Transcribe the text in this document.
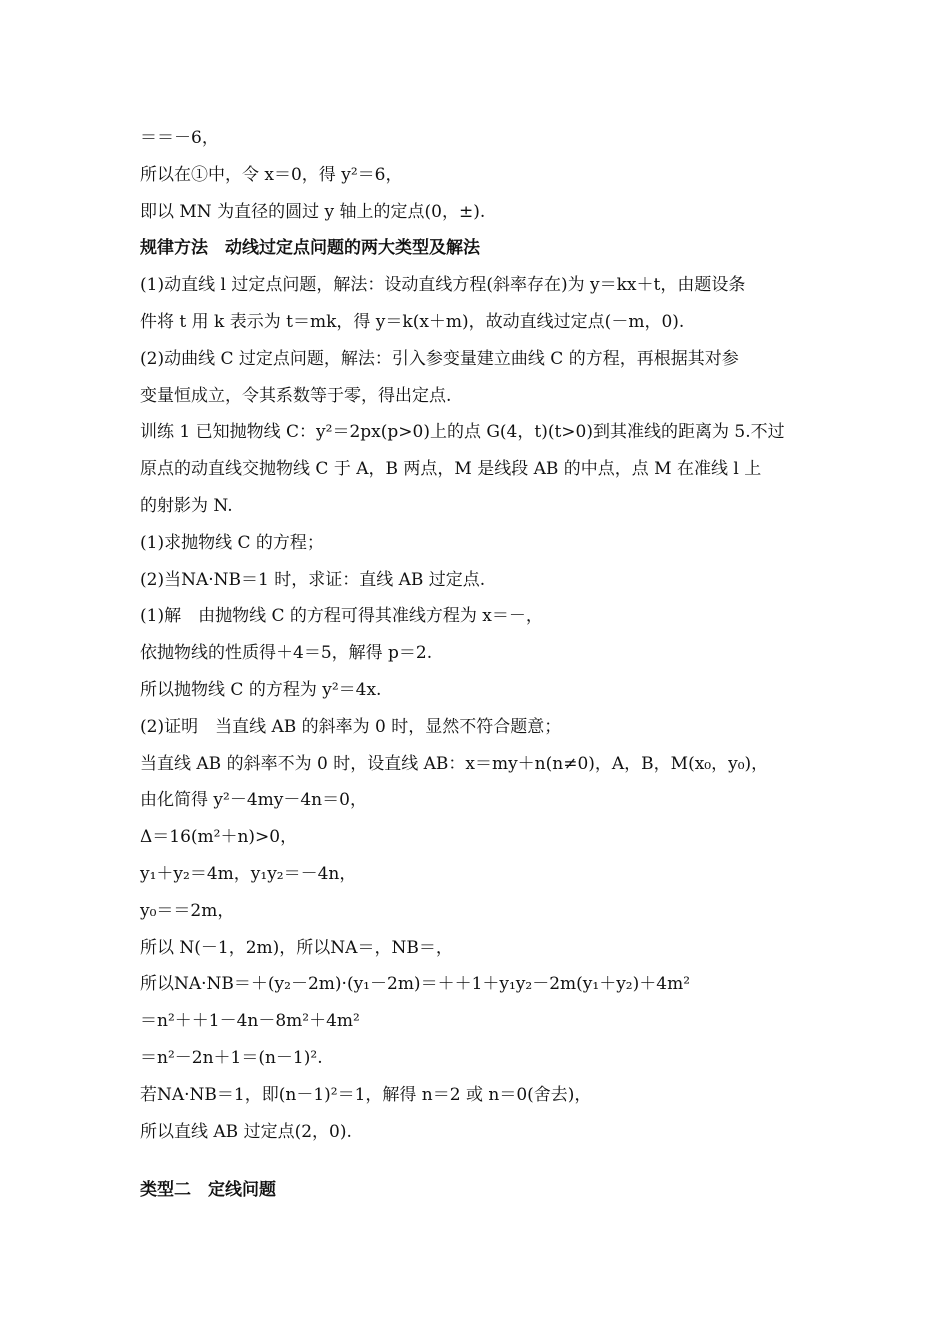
＝＝－6，
所以在①中，令 x＝0，得 y²＝6，
即以 MN 为直径的圆过 y 轴上的定点(0，±).
规律方法　动线过定点问题的两大类型及解法
(1)动直线 l 过定点问题，解法：设动直线方程(斜率存在)为 y＝kx＋t，由题设条
件将 t 用 k 表示为 t＝mk，得 y＝k(x＋m)，故动直线过定点(－m，0).
(2)动曲线 C 过定点问题，解法：引入参变量建立曲线 C 的方程，再根据其对参
变量恒成立，令其系数等于零，得出定点.
训练 1 已知抛物线 C：y²＝2px(p>0)上的点 G(4，t)(t>0)到其准线的距离为 5.不过
原点的动直线交抛物线 C 于 A，B 两点，M 是线段 AB 的中点，点 M 在准线 l 上
的射影为 N.
(1)求抛物线 C 的方程；
(2)当NA·NB＝1 时，求证：直线 AB 过定点.
(1)解　由抛物线 C 的方程可得其准线方程为 x＝－，
依抛物线的性质得＋4＝5，解得 p＝2.
所以抛物线 C 的方程为 y²＝4x.
(2)证明　当直线 AB 的斜率为 0 时，显然不符合题意；
当直线 AB 的斜率不为 0 时，设直线 AB：x＝my＋n(n≠0)，A，B，M(x₀，y₀)，
由化简得 y²－4my－4n＝0，
Δ＝16(m²＋n)>0，
y₁＋y₂＝4m，y₁y₂＝－4n，
y₀＝＝2m，
所以 N(－1，2m)，所以NA＝，NB＝，
所以NA·NB＝＋(y₂－2m)·(y₁－2m)＝＋＋1＋y₁y₂－2m(y₁＋y₂)＋4m²
＝n²＋＋1－4n－8m²＋4m²
＝n²－2n＋1＝(n－1)².
若NA·NB＝1，即(n－1)²＝1，解得 n＝2 或 n＝0(舍去)，
所以直线 AB 过定点(2，0).
类型二　定线问题
